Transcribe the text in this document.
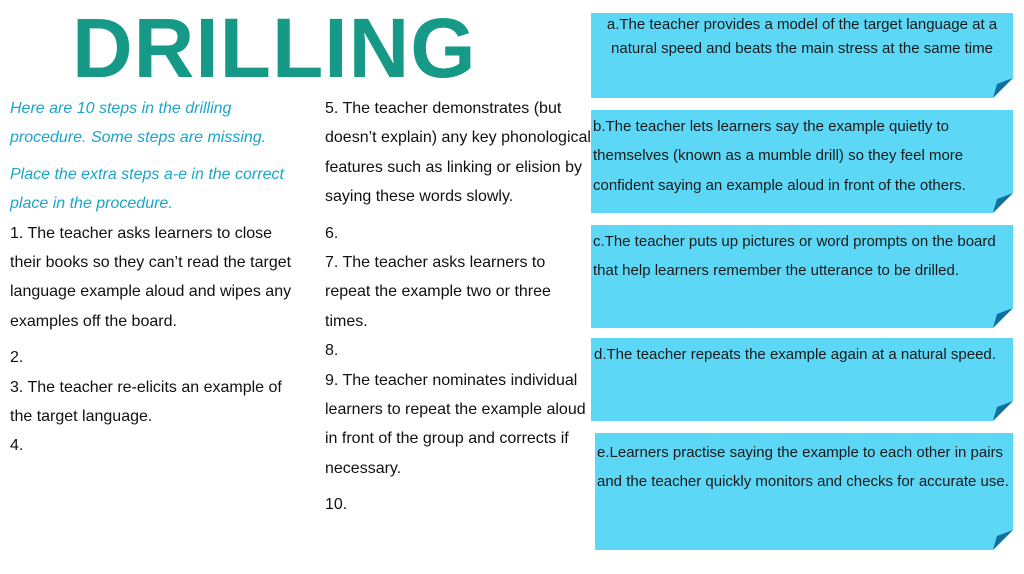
DRILLING

Here are 10 steps in the drilling procedure. Some steps are missing.

Place the extra steps a-e in the correct place in the procedure.

1. The teacher asks learners to close their books so they can’t read the target language example aloud and wipes any examples off the board.

2.

3. The teacher re-elicits an example of the target language.

4.

5. The teacher demonstrates (but doesn’t explain) any key phonological features such as linking or elision by saying these words slowly.

6.

7. The teacher asks learners to repeat the example two or three times.

8.

9. The teacher nominates individual learners to repeat the example aloud in front of the group and corrects if necessary.

10.

a.The teacher provides a model of the target language at a natural speed and beats the main stress at the same time
b.The teacher lets learners say the example quietly to themselves (known as a mumble drill) so they feel more confident saying an example aloud in front of the others.
c.The teacher puts up pictures or word prompts on the board that help learners remember the utterance to be drilled.
d.The teacher repeats the example again at a natural speed.
e.Learners practise saying the example to each other in pairs and the teacher quickly monitors and checks for accurate use.
